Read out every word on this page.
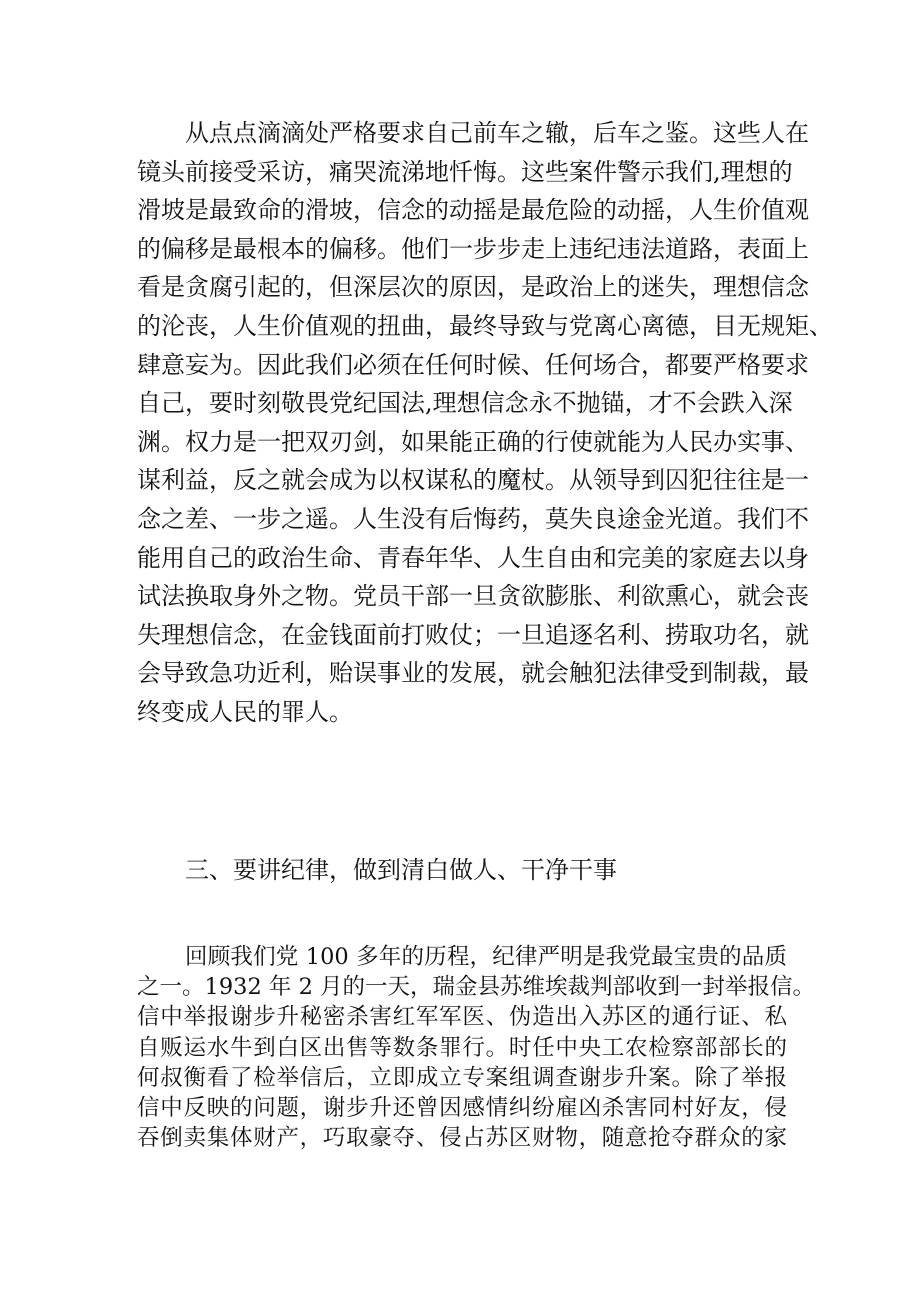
从点点滴滴处严格要求自己前车之辙，后车之鉴。这些人在
镜头前接受采访，痛哭流涕地忏悔。这些案件警示我们,理想的
滑坡是最致命的滑坡，信念的动摇是最危险的动摇，人生价值观
的偏移是最根本的偏移。他们一步步走上违纪违法道路，表面上
看是贪腐引起的，但深层次的原因，是政治上的迷失，理想信念
的沦丧，人生价值观的扭曲，最终导致与党离心离德，目无规矩、
肆意妄为。因此我们必须在任何时候、任何场合，都要严格要求
自己，要时刻敬畏党纪国法,理想信念永不抛锚，才不会跌入深
渊。权力是一把双刃剑，如果能正确的行使就能为人民办实事、
谋利益，反之就会成为以权谋私的魔杖。从领导到囚犯往往是一
念之差、一步之遥。人生没有后悔药，莫失良途金光道。我们不
能用自己的政治生命、青春年华、人生自由和完美的家庭去以身
试法换取身外之物。党员干部一旦贪欲膨胀、利欲熏心，就会丧
失理想信念，在金钱面前打败仗；一旦追逐名利、捞取功名，就
会导致急功近利，贻误事业的发展，就会触犯法律受到制裁，最
终变成人民的罪人。
三、要讲纪律，做到清白做人、干净干事
回顾我们党 100 多年的历程，纪律严明是我党最宝贵的品质
之一。1932 年 2 月的一天，瑞金县苏维埃裁判部收到一封举报信。
信中举报谢步升秘密杀害红军军医、伪造出入苏区的通行证、私
自贩运水牛到白区出售等数条罪行。时任中央工农检察部部长的
何叔衡看了检举信后，立即成立专案组调查谢步升案。除了举报
信中反映的问题，谢步升还曾因感情纠纷雇凶杀害同村好友，侵
吞倒卖集体财产，巧取豪夺、侵占苏区财物，随意抢夺群众的家
